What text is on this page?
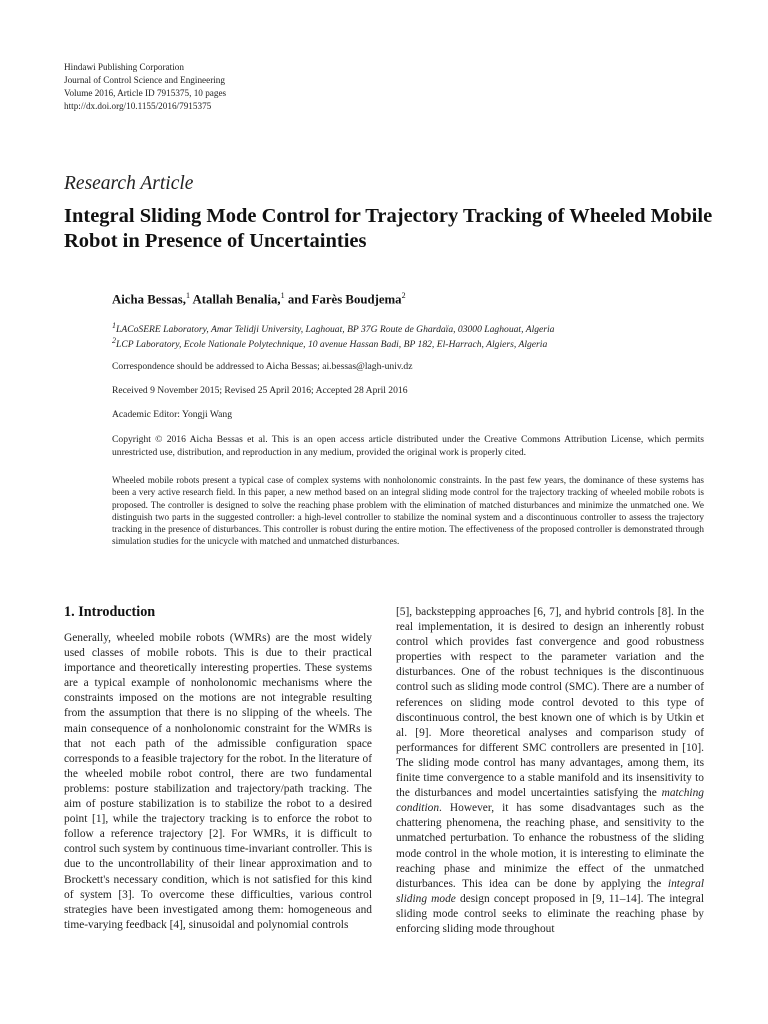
Hindawi Publishing Corporation
Journal of Control Science and Engineering
Volume 2016, Article ID 7915375, 10 pages
http://dx.doi.org/10.1155/2016/7915375
Research Article
Integral Sliding Mode Control for Trajectory Tracking of Wheeled Mobile Robot in Presence of Uncertainties
Aicha Bessas,$^1$ Atallah Benalia,$^1$ and Farès Boudjema$^2$
$^1$LACoSERE Laboratory, Amar Telidji University, Laghouat, BP 37G Route de Ghardaïa, 03000 Laghouat, Algeria
$^2$LCP Laboratory, Ecole Nationale Polytechnique, 10 avenue Hassan Badi, BP 182, El-Harrach, Algiers, Algeria
Correspondence should be addressed to Aicha Bessas; ai.bessas@lagh-univ.dz
Received 9 November 2015; Revised 25 April 2016; Accepted 28 April 2016
Academic Editor: Yongji Wang
Copyright © 2016 Aicha Bessas et al. This is an open access article distributed under the Creative Commons Attribution License, which permits unrestricted use, distribution, and reproduction in any medium, provided the original work is properly cited.
Wheeled mobile robots present a typical case of complex systems with nonholonomic constraints. In the past few years, the dominance of these systems has been a very active research field. In this paper, a new method based on an integral sliding mode control for the trajectory tracking of wheeled mobile robots is proposed. The controller is designed to solve the reaching phase problem with the elimination of matched disturbances and minimize the unmatched one. We distinguish two parts in the suggested controller: a high-level controller to stabilize the nominal system and a discontinuous controller to assess the trajectory tracking in the presence of disturbances. This controller is robust during the entire motion. The effectiveness of the proposed controller is demonstrated through simulation studies for the unicycle with matched and unmatched disturbances.
1. Introduction
Generally, wheeled mobile robots (WMRs) are the most widely used classes of mobile robots. This is due to their practical importance and theoretically interesting properties. These systems are a typical example of nonholonomic mechanisms where the constraints imposed on the motions are not integrable resulting from the assumption that there is no slipping of the wheels. The main consequence of a nonholonomic constraint for the WMRs is that not each path of the admissible configuration space corresponds to a feasible trajectory for the robot. In the literature of the wheeled mobile robot control, there are two fundamental problems: posture stabilization and trajectory/path tracking. The aim of posture stabilization is to stabilize the robot to a desired point [1], while the trajectory tracking is to enforce the robot to follow a reference trajectory [2]. For WMRs, it is difficult to control such system by continuous time-invariant controller. This is due to the uncontrollability of their linear approximation and to Brockett's necessary condition, which is not satisfied for this kind of system [3]. To overcome these difficulties, various control strategies have been investigated among them: homogeneous and time-varying feedback [4], sinusoidal and polynomial controls
[5], backstepping approaches [6, 7], and hybrid controls [8]. In the real implementation, it is desired to design an inherently robust control which provides fast convergence and good robustness properties with respect to the parameter variation and the disturbances. One of the robust techniques is the discontinuous control such as sliding mode control (SMC). There are a number of references on sliding mode control devoted to this type of discontinuous control, the best known one of which is by Utkin et al. [9]. More theoretical analyses and comparison study of performances for different SMC controllers are presented in [10]. The sliding mode control has many advantages, among them, its finite time convergence to a stable manifold and its insensitivity to the disturbances and model uncertainties satisfying the matching condition. However, it has some disadvantages such as the chattering phenomena, the reaching phase, and sensitivity to the unmatched perturbation. To enhance the robustness of the sliding mode control in the whole motion, it is interesting to eliminate the reaching phase and minimize the effect of the unmatched disturbances. This idea can be done by applying the integral sliding mode design concept proposed in [9, 11–14]. The integral sliding mode control seeks to eliminate the reaching phase by enforcing sliding mode throughout
